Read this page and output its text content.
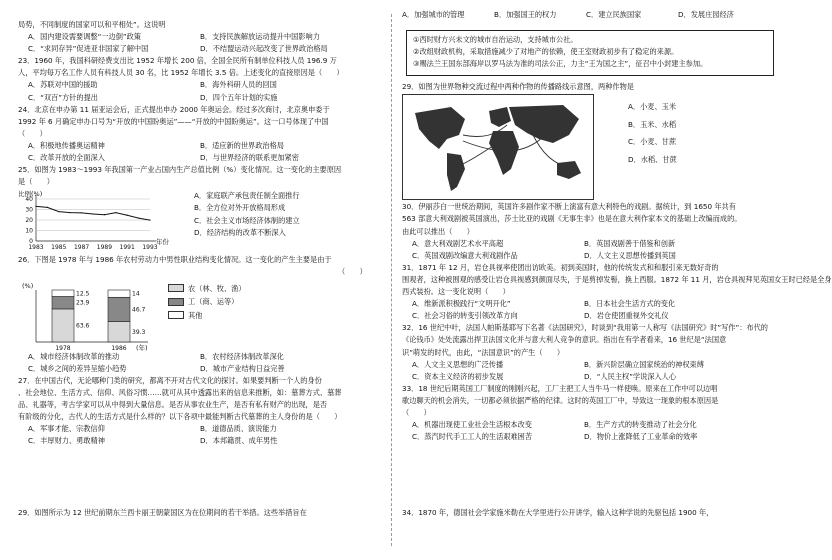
局势，不同制度的国家可以和平相处”。这说明
A．国内建设需要调整“一边倒”政策	B．支持民族解放运动提升中国影响力
C．“求同存异”促进亚非国家了解中国	D．不结盟运动兴起改变了世界政治格局
23．1960 年，我国科研经费支出比 1952 年增长 200 倍，全国全民所有制单位科技人员 196.9 万
人，平均每万名工作人员有科技人员 30 名，比 1952 年增长 3.5 倍。上述变化的直接原因是（　　）
A．苏联对中国的援助	B．海外科研人员的回国
C．“双百”方针的提出	D．四个五年计划的实施
24．北京在申办第 11 届亚运会后，正式提出申办 2000 年奥运会。经过多次商讨，北京奥申委于
1992 年 6 月确定申办口号为“开放的中国盼奥运”——“开放的中国盼奥运”。这一口号体现了中国
（　　）
A．积极地传播奥运精神	B．适应新的世界政治格局
C．改革开放的全面深入	D．与世界经济的联系更加紧密
25．如图为 1983～1993 年我国第一产业占国内生产总值比例（%）变化情况。这一变化的主要原因
是（　　）
比例(%)
年份
0
10
20
30
40
1983 1985 1987 1989 1991 1993
A．家庭联产承包责任制全面推行
B．全方位对外开放格局形成
C．社会主义市场经济体制的建立
D．经济结构的改革不断深入
26．下图是 1978 年与 1986 年农村劳动力中男性职业结构变化情况。这一变化的产生主要是由于
（　　）
(%)
(年)
63.6
23.9
12.5
1978
39.3
46.7
14
1986
农（林、牧、渔）
工（商、运等）
其他
A．城市经济体制改革的推动	B．农村经济体制改革深化
C．城乡之间的差异呈缩小趋势	D．城市产业结构日益完善
27．在中国古代，无论哪种门类的研究，都离不开对古代文化的探讨。如果要判断一个人的身份
、社会地位、生活方式、信仰、风俗习惯……就可从其中透露出来的信息来推断，如：墓葬方式、墓葬
品、礼器等，考古学家可以从中得到大量信息。是否从事农业生产，是否有私有财产的出现，是否
有阶级的分化，古代人的生活方式是什么样的？以下各项中最能判断古代墓葬的主人身份的是（　　）
A．军事才能、宗教信仰	B．道德品质、演说能力
C．丰厚财力、勇敢精神	D．本邦籍贯、成年男性
29．如图所示为 12 世纪前期东兰西卡丽王朝蒙国区为在位期间的若干举措。这些举措旨在
A．加强城市的管理	B．加强国王的权力	C．建立民族国家	D．发展庄园经济
①西时财方兴未文的城市自治运动，支持城市公社。
②改组财政机构，采取措施减少了对地产的依赖，使王室财政初步有了稳定的来源。
③赐法兰王国东部海岸以罗马法为准的司法公正，力主“王为国之主”，征召中小封建主参加。
29．如图为世界物种交流过程中两种作物的传播路线示意图，两种作物是
A．小麦、玉米
B．玉米、水稻
C．小麦、甘蔗
D．水稻、甘蔗
30．伊丽莎白一世统治期间，英国许多剧作家不断上演富有意大利特色的戏剧。据统计，到 1650 年共有
563 部意大利戏剧被英国演出，莎士比亚的戏剧《无事生非》也是在意大利作家本文的基础上改编而成的。
由此可以推出（　　）
A．意大利戏剧艺术水平高超	B．英国戏剧善于借鉴和创新
C．英国戏剧改编意大利戏剧作品	D．人文主义思想传播到英国
31．1871 年 12 月，岩仓具视率使团出访欧美。初到美国时，他的传统发式和和服引来无数好奇的
围观者，这种被围观的感受让岩仓具视感到颜面尽失，于是剪掉发髻，换上西服。1872 年 11 月，岩仓具视拜见英国女王时已经是全身
西式装扮。这一变化说明（　　）
A．维新派积极践行“文明开化”	B．日本社会生活方式的变化
C．社会习俗的转变引领改革方向	D．岩仓使团重视外交礼仪
32．16 世纪中叶，法国人帕斯基耶写下名著《法国研究》，时谈到“我用第一人称写《法国研究》时”写作”：布代的
《论钱币》处处流露出捍卫法国文化并与意大利人竞争的意识。指出在有学者看来，16 世纪是“法国意
识”萌发的时代，由此，“法国意识”的产生（　　）
A．人文主义思想的广泛传播	B．新兴阶层确立国家统治的神权束缚
C．资本主义经济的初步发展	D．“人民主权”学说深入人心
33．18 世纪后期英国工厂制度的刚刚兴起，工厂主把工人当牛马一样使唤。原来在工作中可以边唱
歌边聊天的机会消失，一切都必须依据严格的纪律。这时的英国工厂中，导致这一现象的根本原因是
（　　）
A．机器出现使工业社会生活根本改变	B．生产方式的转变推动了社会分化
C．蒸汽时代手工工人的生活艰难困苦	D．物价上涨降低了工业革命的效率
34．1870 年，德国社会学家施米勒在大学里进行公开讲学，输入这种学说的先驱包括 1900 年，
